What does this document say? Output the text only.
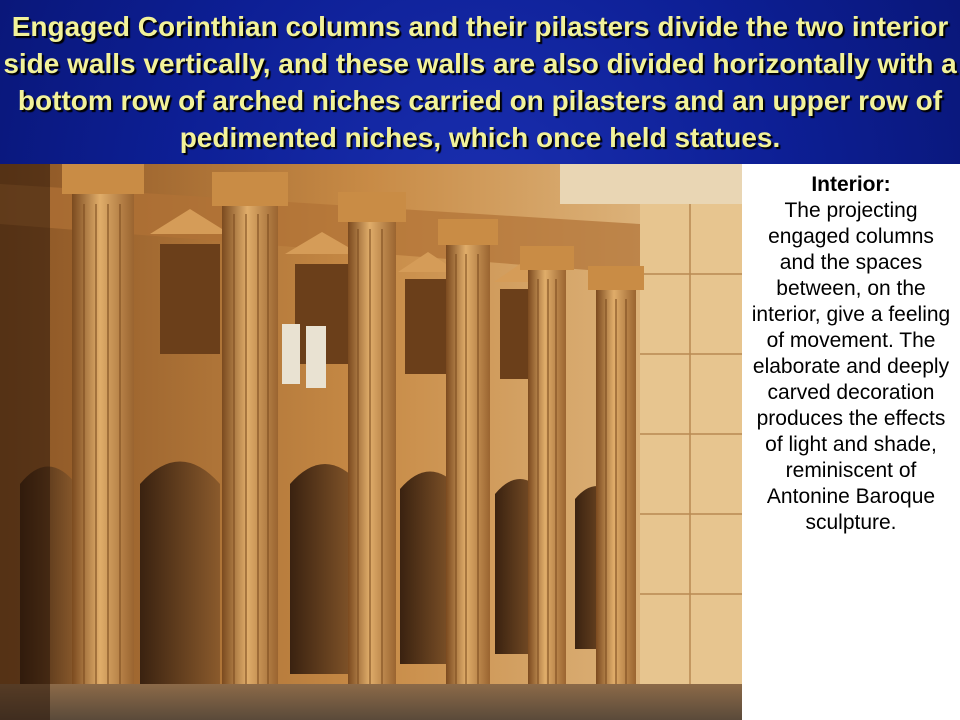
Engaged Corinthian columns and their pilasters divide the two interior side walls vertically, and these walls are also divided horizontally with a bottom row of arched niches carried on pilasters and an upper row of pedimented niches, which once held statues.
Interior:
The projecting engaged columns and the spaces between, on the interior, give a feeling of movement. The elaborate and deeply carved decoration produces the effects of light and shade, reminiscent of Antonine Baroque sculpture.
